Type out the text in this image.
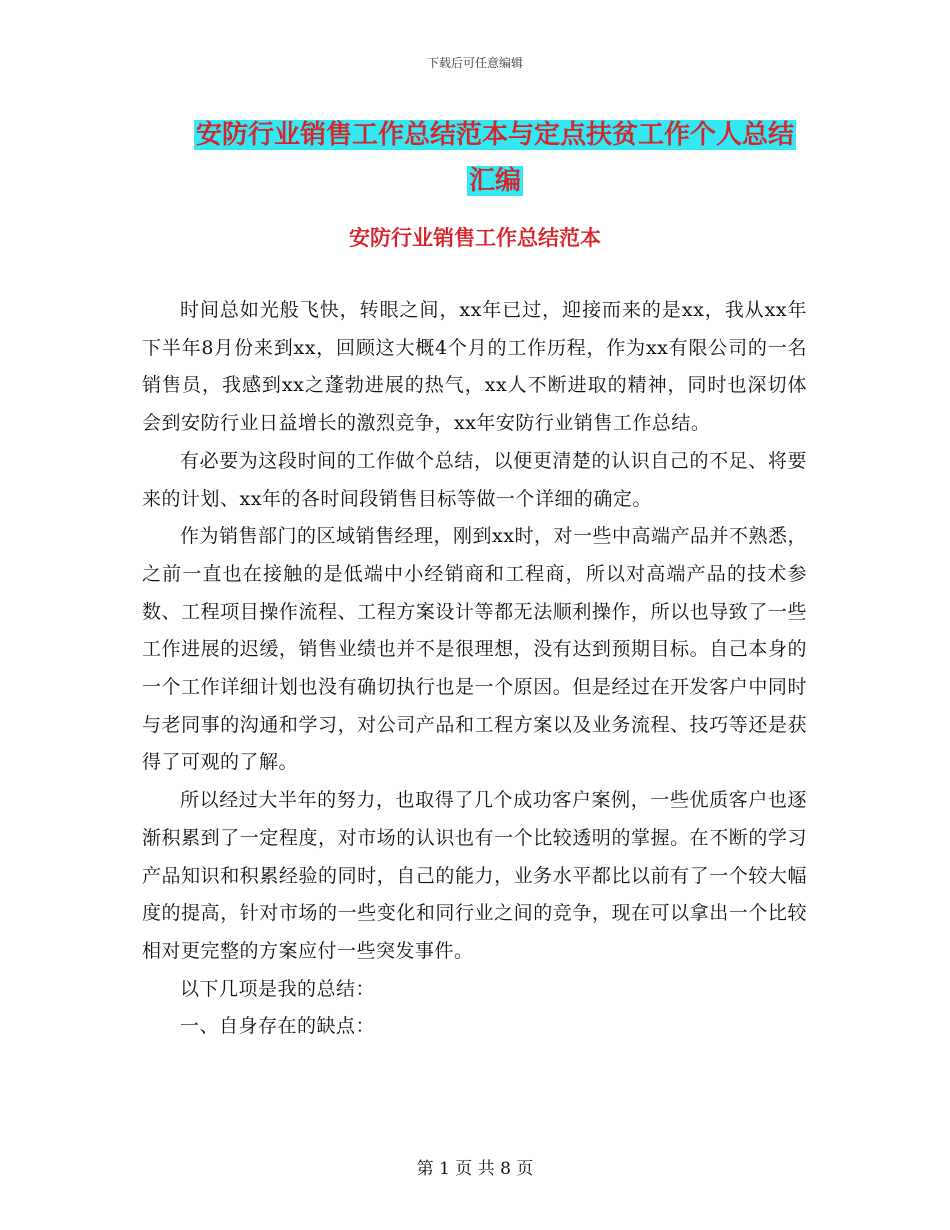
下载后可任意编辑
安防行业销售工作总结范本与定点扶贫工作个人总结
汇编
安防行业销售工作总结范本

时间总如光般飞快，转眼之间，xx年已过，迎接而来的是xx，我从xx年下半年8月份来到xx，回顾这大概4个月的工作历程，作为xx有限公司的一名销售员，我感到xx之蓬勃进展的热气，xx人不断进取的精神，同时也深切体会到安防行业日益增长的激烈竞争，xx年安防行业销售工作总结。

有必要为这段时间的工作做个总结，以便更清楚的认识自己的不足、将要来的计划、xx年的各时间段销售目标等做一个详细的确定。

作为销售部门的区域销售经理，刚到xx时，对一些中高端产品并不熟悉，之前一直也在接触的是低端中小经销商和工程商，所以对高端产品的技术参数、工程项目操作流程、工程方案设计等都无法顺利操作，所以也导致了一些工作进展的迟缓，销售业绩也并不是很理想，没有达到预期目标。自己本身的一个工作详细计划也没有确切执行也是一个原因。但是经过在开发客户中同时与老同事的沟通和学习，对公司产品和工程方案以及业务流程、技巧等还是获得了可观的了解。

所以经过大半年的努力，也取得了几个成功客户案例，一些优质客户也逐渐积累到了一定程度，对市场的认识也有一个比较透明的掌握。在不断的学习产品知识和积累经验的同时，自己的能力，业务水平都比以前有了一个较大幅度的提高，针对市场的一些变化和同行业之间的竞争，现在可以拿出一个比较相对更完整的方案应付一些突发事件。

以下几项是我的总结：

一、自身存在的缺点：

第 1 页 共 8 页
